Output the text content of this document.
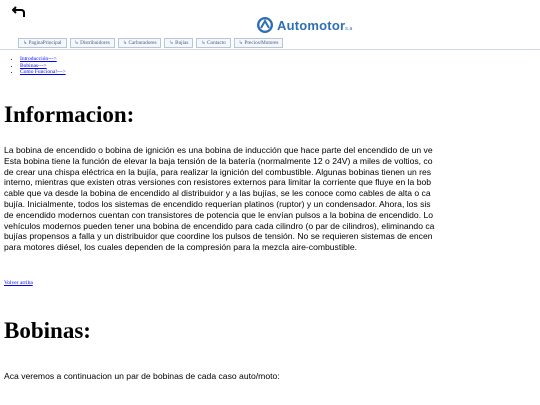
Automotors.a
↳ PaginaPrincipal	↳ Distribuidores	↳ Carburadores	↳ Bujias	↳ Contacto	↳ Precios/Motores
• Introducción--->
• Bobinas--->
• Como Funciona!--->
Informacion:
La bobina de encendido o bobina de ignición es una bobina de inducción que hace parte del encendido de un ve
Esta bobina tiene la función de elevar la baja tensión de la batería (normalmente 12 o 24V) a miles de voltios, co
de crear una chispa eléctrica en la bujía, para realizar la ignición del combustible. Algunas bobinas tienen un res
interno, mientras que existen otras versiones con resistores externos para limitar la corriente que fluye en la bob
cable que va desde la bobina de encendido al distribuidor y a las bujías, se les conoce como cables de alta o ca
bujía. Inicialmente, todos los sistemas de encendido requerían platinos (ruptor) y un condensador. Ahora, los sis
de encendido modernos cuentan con transistores de potencia que le envían pulsos a la bobina de encendido. Lo
vehículos modernos pueden tener una bobina de encendido para cada cilindro (o par de cilindros), eliminando ca
bujías propensos a falla y un distribuidor que coordine los pulsos de tensión. No se requieren sistemas de encen
para motores diésel, los cuales dependen de la compresión para la mezcla aire-combustible.
Volver arriba
Bobinas:

Aca veremos a continuacion un par de bobinas de cada caso auto/moto:
